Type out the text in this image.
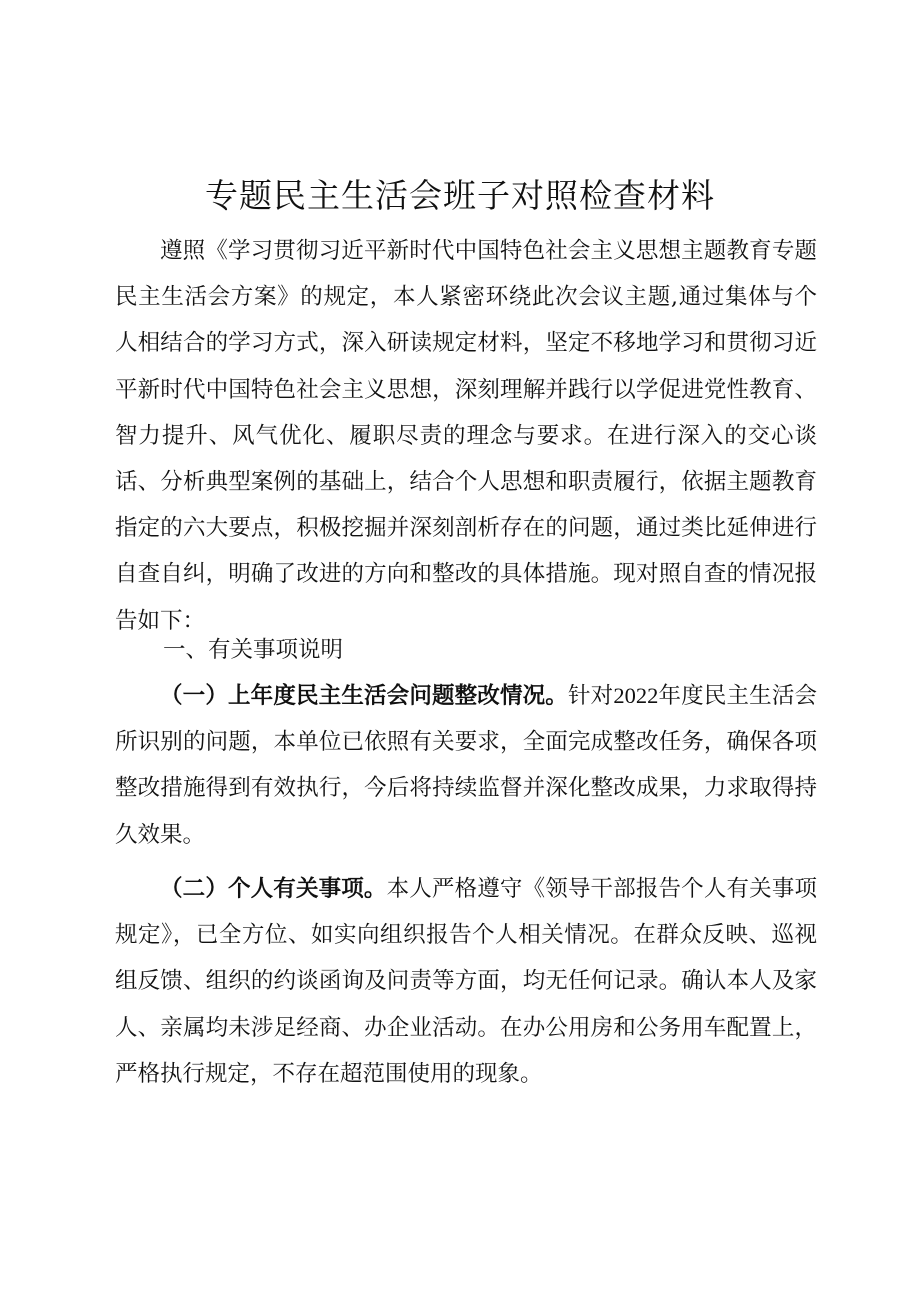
专题民主生活会班子对照检查材料

遵照《学习贯彻习近平新时代中国特色社会主义思想主题教育专题民主生活会方案》的规定，本人紧密环绕此次会议主题,通过集体与个人相结合的学习方式，深入研读规定材料，坚定不移地学习和贯彻习近平新时代中国特色社会主义思想，深刻理解并践行以学促进党性教育、智力提升、风气优化、履职尽责的理念与要求。在进行深入的交心谈话、分析典型案例的基础上，结合个人思想和职责履行，依据主题教育指定的六大要点，积极挖掘并深刻剖析存在的问题，通过类比延伸进行自查自纠，明确了改进的方向和整改的具体措施。现对照自查的情况报告如下：

一、有关事项说明

（一）上年度民主生活会问题整改情况。针对2022年度民主生活会所识别的问题，本单位已依照有关要求，全面完成整改任务，确保各项整改措施得到有效执行，今后将持续监督并深化整改成果，力求取得持久效果。

（二）个人有关事项。本人严格遵守《领导干部报告个人有关事项规定》，已全方位、如实向组织报告个人相关情况。在群众反映、巡视组反馈、组织的约谈函询及问责等方面，均无任何记录。确认本人及家人、亲属均未涉足经商、办企业活动。在办公用房和公务用车配置上，严格执行规定，不存在超范围使用的现象。
